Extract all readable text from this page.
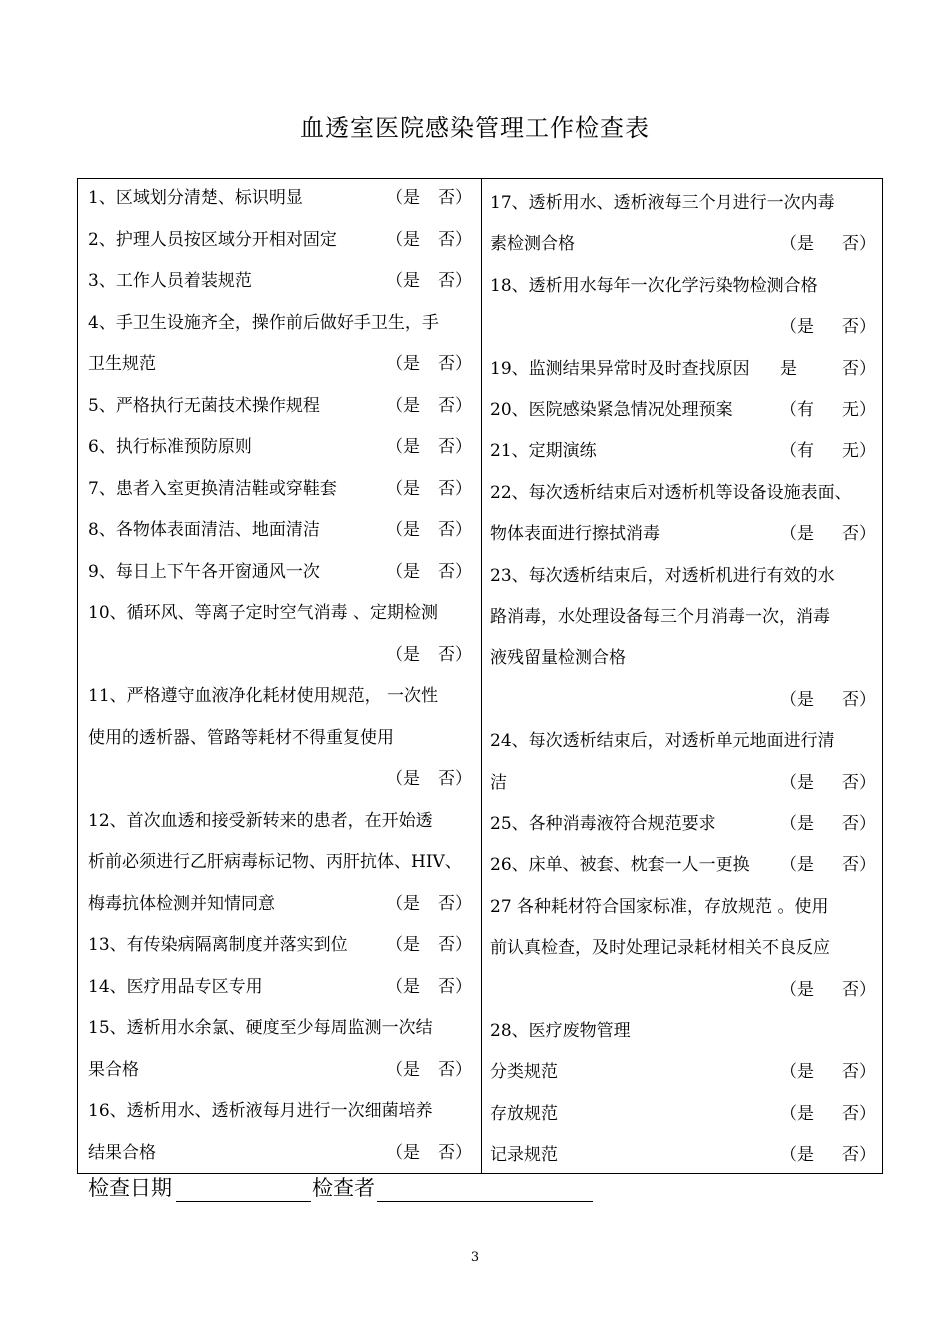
血透室医院感染管理工作检查表
1、区域划分清楚、标识明显	（是 否）
2、护理人员按区域分开相对固定	（是 否）
3、工作人员着装规范	（是 否）
4、手卫生设施齐全，操作前后做好手卫生，手
卫生规范	（是 否）
5、严格执行无菌技术操作规程	（是 否）
6、执行标准预防原则	（是 否）
7、患者入室更换清洁鞋或穿鞋套	（是 否）
8、各物体表面清洁、地面清洁	（是 否）
9、每日上下午各开窗通风一次	（是 否）
10、循环风、等离子定时空气消毒 、定期检测
（是 否）
11、严格遵守血液净化耗材使用规范， 一次性
使用的透析器、管路等耗材不得重复使用
（是 否）
12、首次血透和接受新转来的患者，在开始透
析前必须进行乙肝病毒标记物、丙肝抗体、HIV、
梅毒抗体检测并知情同意	（是 否）
13、有传染病隔离制度并落实到位 （是 否）
14、医疗用品专区专用	（是 否）
15、透析用水余氯、硬度至少每周监测一次结
果合格	（是 否）
16、透析用水、透析液每月进行一次细菌培养
结果合格	（是 否）
17、透析用水、透析液每三个月进行一次内毒
素检测合格	（是 否）
18、透析用水每年一次化学污染物检测合格
（是 否）
19、监测结果异常时及时查找原因 是	否）
20、医院感染紧急情况处理预案	（有 无）
21、定期演练	（有 无）
22、每次透析结束后对透析机等设备设施表面、
物体表面进行擦拭消毒	（是 否）
23、每次透析结束后，对透析机进行有效的水
路消毒，水处理设备每三个月消毒一次，消毒
液残留量检测合格
（是 否）
24、每次透析结束后，对透析单元地面进行清
洁	（是 否）
25、各种消毒液符合规范要求	（是 否）
26、床单、被套、枕套一人一更换 （是 否）
27 各种耗材符合国家标准，存放规范 。使用
前认真检查，及时处理记录耗材相关不良反应
（是 否）
28、医疗废物管理
分类规范	（是 否）
存放规范	（是 否）
记录规范	（是 否）
检查日期	检查者
3
